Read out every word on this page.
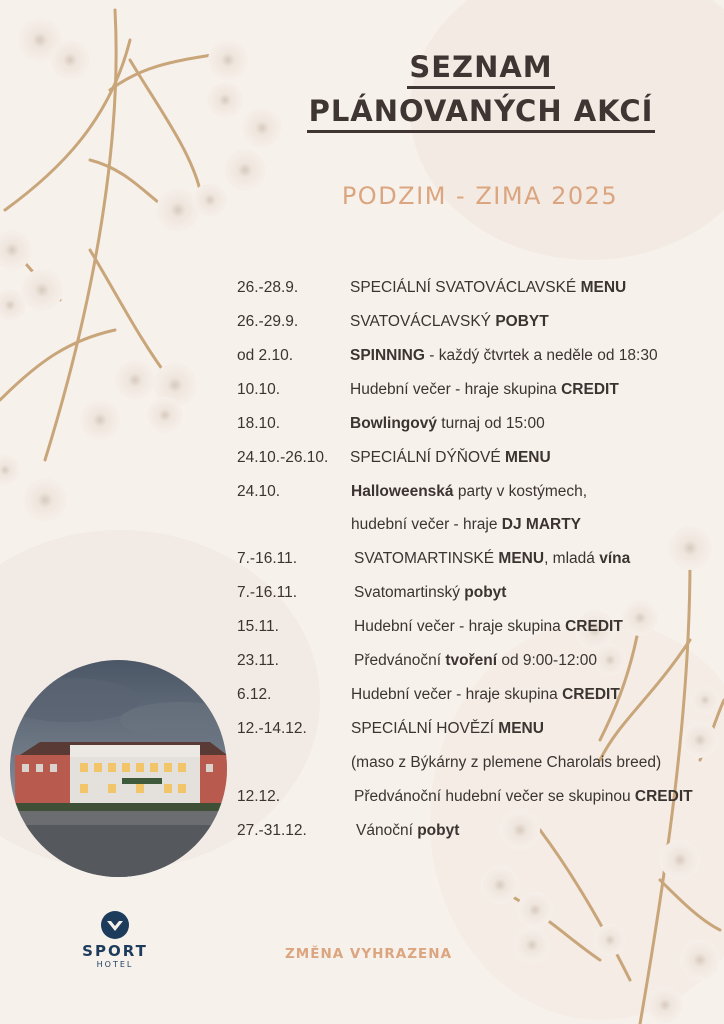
SEZNAM
PLÁNOVANÝCH AKCÍ
PODZIM - ZIMA 2025
26.-28.9.	SPECIÁLNÍ SVATOVÁCLAVSKÉ MENU
26.-29.9.	SVATOVÁCLAVSKÝ POBYT
od 2.10.	SPINNING - každý čtvrtek a neděle od 18:30
10.10.	Hudební večer - hraje skupina CREDIT
18.10.	Bowlingový turnaj od 15:00
24.10.-26.10. SPECIÁLNÍ DÝŇOVÉ MENU
24.10.	Halloweenská party v kostýmech,
hudební večer - hraje DJ MARTY
7.-16.11.	SVATOMARTINSKÉ MENU, mladá vína
7.-16.11.	Svatomartinský pobyt
15.11.	Hudební večer - hraje skupina CREDIT
23.11.	Předvánoční tvoření od 9:00-12:00
6.12.	Hudební večer - hraje skupina CREDIT
12.-14.12.	SPECIÁLNÍ HOVĚZÍ MENU
(maso z Býkárny z plemene Charolais breed)
12.12.	Předvánoční hudební večer se skupinou CREDIT
27.-31.12.	Vánoční pobyt
SPORT
HOTEL
ZMĚNA VYHRAZENA
